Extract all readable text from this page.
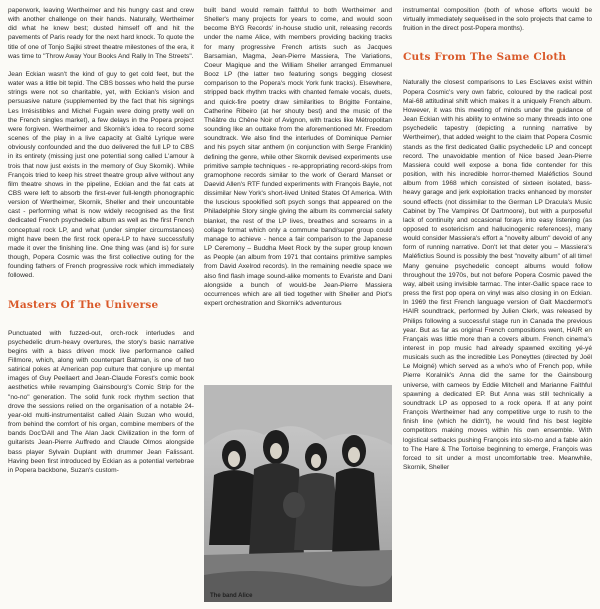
paperwork, leaving Wertheimer and his hungry cast and crew with another challenge on their hands. Naturally, Wertheimer did what he knew best; dusted himself off and hit the pavements of Paris ready for the next hard knock. To quote the title of one of Tonjo Sajiki street theatre milestones of the era, it was time to "Throw Away Your Books And Rally In The Streets".

Jean Eckian wasn't the kind of guy to get cold feet, but the water was a little bit tepid. The CBS bosses who held the purse strings were not so charitable, yet, with Eckian's vision and persuasive nature (supplemented by the fact that his signings Les Irrésistibles and Michel Fugain were doing pretty well on the French singles market), a few delays in the Popera project were forgiven. Wertheimer and Skornik's idea to record some scenes of the play in a live capacity at Gaîté Lyrique were obviously confounded and the duo delivered the full LP to CBS in its entirety (missing just one potential song called L'amour à trois that now just exists in the memory of Guy Skornik). While François tried to keep his street theatre group alive without any film theatre shows in the pipeline, Eckian and the fat cats at CBS were left to absorb the first-ever full-length phonographic version of Wertheimer, Skornik, Sheller and their uncountable cast - performing what is now widely recognised as the first dedicated French psychedelic album as well as the first French conceptual rock LP, and what (under simpler circumstances) might have been the first rock opera-LP to have successfully made it over the finishing line. One thing was (and is) for sure though, Popera Cosmic was the first collective outing for the founding fathers of French progressive rock which immediately followed.

Masters Of The Universe

Punctuated with fuzzed-out, orch-rock interludes and psychedelic drum-heavy overtures, the story's basic narrative begins with a bass driven mock live performance called Fillmore, which, along with counterpart Batman, is one of two satirical pokes at American pop culture that conjure up mental images of Guy Peellaert and Jean-Claude Forest's comic book aesthetics while revamping Gainsbourg's Comic Strip for the "no-no" generation. The solid funk rock rhythm section that drove the sessions relied on the organisation of a notable 24-year-old multi-instrumentalist called Alain Suzan who would, from behind the comfort of his organ, combine members of the bands Doc'DAll and The Alan Jack Civilization in the form of guitarists Jean-Pierre Auffredo and Claude Olmos alongside bass player Sylvain Duplant with drummer Jean Falissant. Having been first introduced by Eckian as a potential vertebrae in Popera backbone, Suzan's custom-

built band would remain faithful to both Wertheimer and Sheller's many projects for years to come, and would soon become BYG Records' in-house studio unit, releasing records under the name Alice, with members providing backing tracks for many progressive French artists such as Jacques Barsamian, Magma, Jean-Pierre Massiera, The Variations, Coeur Magique and the William Sheller arranged Emmanuel Booz LP (the latter two featuring songs begging closest comparison to the Popera's mock York funk tracks). Elsewhere, stripped back rhythm tracks with chanted female vocals, duets, and quick-fire poetry draw similarities to Brigitte Fontaine, Catherine Ribeiro (at her shouty best) and the music of the Théâtre du Chêne Noir of Avignon, with tracks like Métropolitan sounding like an outtake from the aforementioned Mr. Freedom soundtrack. We also find the interludes of Dominique Pernier and his psych sitar anthem (in conjunction with Serge Franklin) defining the genre, while other Skornik devised experiments use primitive sample techniques - re-appropriating record-skips from gramophone records similar to the work of Gerard Manset or Daevid Allen's RTF funded experiments with François Bayle, not dissimilar New York's short-lived United States Of America. With the luscious spookified soft psych songs that appeared on the Philadelphie Story single giving the album its commercial safety blanket, the rest of the LP lives, breathes and screams in a collage format which only a commune band/super group could manage to achieve - hence a fair comparison to the Japanese LP Ceremony – Buddha Meet Rock by the super group known as People (an album from 1971 that contains primitive samples from David Axelrod records). In the remaining needle space we also find flash image sound-alike moments to Evariste and Dani alongside a bunch of would-be Jean-Pierre Massiera occurrences which are all tied together with Sheller and Piot's expert orchestration and Skornik's adventurous

The band Alice

instrumental composition (both of whose efforts would be virtually immediately sequelised in the solo projects that came to fruition in the direct post-Popera months).

Cuts From The Same Cloth

Naturally the closest comparisons to Les Esclaves exist within Popera Cosmic's very own fabric, coloured by the radical post Mai-68 attitudinal shift which makes it a uniquely French album. However, it was this meeting of minds under the guidance of Jean Eckian with his ability to entwine so many threads into one psychedelic tapestry (depicting a running narrative by Wertheimer), that added weight to the claim that Popera Cosmic stands as the first dedicated Gallic psychedelic LP and concept record. The unavoidable mention of Nice based Jean-Pierre Massiera could well expose a bona fide contender for this position, with his incredible horror-themed Maléfictios Sound album from 1968 which consisted of sixteen isolated, bass-heavy garage and jerk exploitation tracks enhanced by monster sound effects (not dissimilar to the German LP Dracula's Music Cabinet by The Vampires Of Dartmoore), but with a purposeful lack of continuity and occasional forays into easy listening (as opposed to esotericism and hallucinogenic references), many would consider Massiera's effort a "novelty album" devoid of any form of running narrative. Don't let that deter you – Massiera's Maléfictius Sound is possibly the best "novelty album" of all time! Many genuine psychedelic concept albums would follow throughout the 1970s, but not before Popera Cosmic paved the way, albeit using invisible tarmac. The inter-Gallic space race to press the first pop opera on vinyl was also closing in on Eckian. In 1969 the first French language version of Galt Macdermot's HAIR soundtrack, performed by Julien Clerk, was released by Philips following a successful stage run in Canada the previous year. But as far as original French compositions went, HAIR en Français was little more than a covers album. French cinema's interest in pop music had already spawned exciting yé-yé musicals such as the incredible Les Poneyttes (directed by Joël Le Moigné) which served as a who's who of French pop, while Pierre Koralnik's Anna did the same for the Gainsbourg universe, with cameos by Eddie Mitchell and Marianne Faithful spawning a dedicated EP. But Anna was still technically a soundtrack LP as opposed to a rock opera. If at any point François Wertheimer had any competitive urge to rush to the finish line (which he didn't), he would find his best legible competitors making moves within his own ensemble. With logistical setbacks pushing François into slo-mo and a fable akin to The Hare & The Tortoise beginning to emerge, François was forced to sit under a most uncomfortable tree. Meanwhile, Skornik, Sheller
